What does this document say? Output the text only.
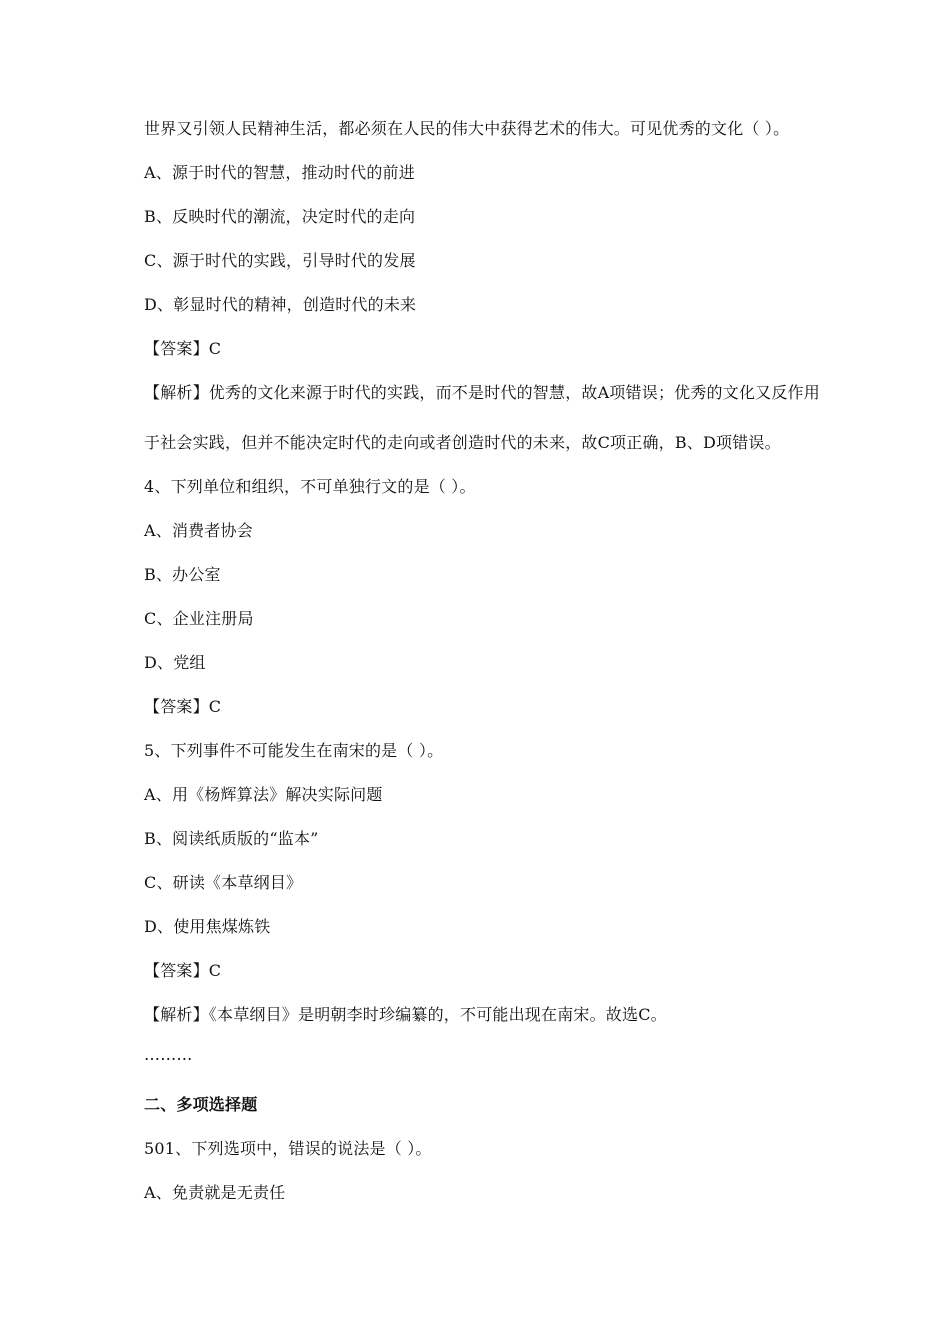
世界又引领人民精神生活，都必须在人民的伟大中获得艺术的伟大。可见优秀的文化（ ）。
A、源于时代的智慧，推动时代的前进
B、反映时代的潮流，决定时代的走向
C、源于时代的实践，引导时代的发展
D、彰显时代的精神，创造时代的未来
【答案】C
【解析】优秀的文化来源于时代的实践，而不是时代的智慧，故A项错误；优秀的文化又反作用
于社会实践，但并不能决定时代的走向或者创造时代的未来，故C项正确，B、D项错误。
4、下列单位和组织，不可单独行文的是（ ）。
A、消费者协会
B、办公室
C、企业注册局
D、党组
【答案】C
5、下列事件不可能发生在南宋的是（ ）。
A、用《杨辉算法》解决实际问题
B、阅读纸质版的“监本”
C、研读《本草纲目》
D、使用焦煤炼铁
【答案】C
【解析】《本草纲目》是明朝李时珍编纂的，不可能出现在南宋。故选C。
………
二、多项选择题
501、下列选项中，错误的说法是（ ）。
A、免责就是无责任
